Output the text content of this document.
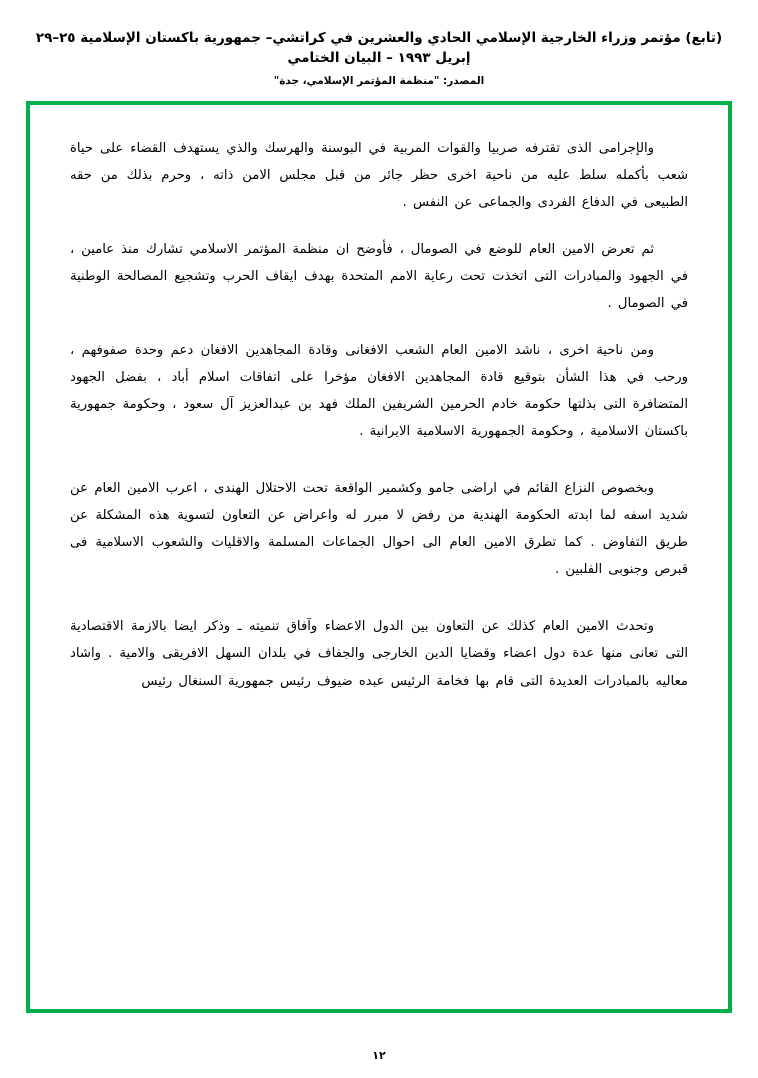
(تابع) مؤتمر وزراء الخارجية الإسلامي الحادي والعشرين في كراتشي– جمهورية باكستان الإسلامية ٢٥–٢٩ إبريل ١٩٩٣ – البيان الختامي
المصدر: "منظمة المؤتمر الإسلامي، جدة"

والإجرامى الذى تقترفه صربيا والقوات المربية في البوسنة والهرسك والذي يستهدف القضاء على حياة شعب بأكمله سلط عليه من ناحية اخرى حظر جائر من قبل مجلس الامن ذاته ، وحرم بذلك من حقه الطبيعى في الدفاع الفردى والجماعى عن النفس .

ثم تعرض الامين العام للوضع في الصومال ، فأوضح ان منظمة المؤتمر الاسلامي تشارك منذ عامين ، في الجهود والمبادرات التى اتخذت تحت رعاية الامم المتحدة بهدف ايقاف الحرب وتشجيع المصالحة الوطنية في الصومال .

ومن ناحية اخرى ، ناشد الامين العام الشعب الافغانى وقادة المجاهدين الافغان دعم وحدة صفوفهم ، ورحب في هذا الشأن بتوقيع قادة المجاهدين الافغان مؤخرا على اتفاقات اسلام أباد ، بفضل الجهود المتضافرة التى بذلتها حكومة خادم الحرمين الشريفين الملك فهد بن عبدالعزيز آل سعود ، وحكومة جمهورية باكستان الاسلامية ، وحكومة الجمهورية الاسلامية الايرانية .

وبخصوص النزاع القائم في اراضى جامو وكشمير الواقعة تحت الاحتلال الهندى ، اعرب الامين العام عن شديد اسفه لما ابدته الحكومة الهندية من رفض لا مبرر له واعراض عن التعاون لتسوية هذه المشكلة عن طريق التفاوض . كما تطرق الامين العام الى احوال الجماعات المسلمة والاقليات والشعوب الاسلامية فى قبرص وجنوبى الفلبين .

وتحدث الامين العام كذلك عن التعاون بين الدول الاعضاء وآفاق تنميته ـ وذكر ايضا بالازمة الاقتصادية التى تعانى منها عدة دول اعضاء وقضايا الدين الخارجى والجفاف في بلدان السهل الافريقى والامية . واشاد معاليه بالمبادرات العديدة التى قام بها فخامة الرئيس عبده ضيوف رئيس جمهورية السنغال رئيس

١٢
